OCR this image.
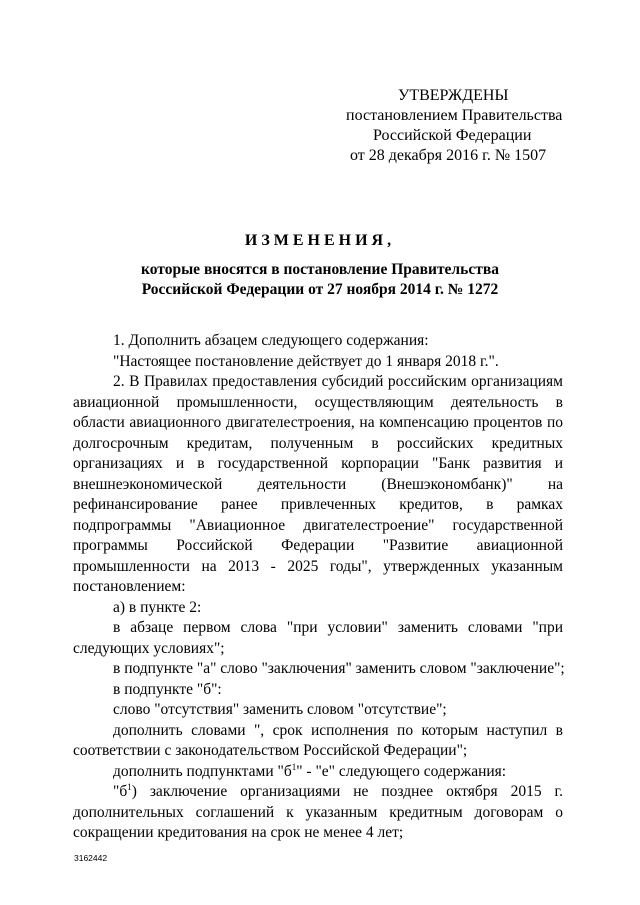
УТВЕРЖДЕНЫ
постановлением Правительства
Российской Федерации
от 28 декабря 2016 г. № 1507
ИЗМЕНЕНИЯ,
которые вносятся в постановление Правительства
Российской Федерации от 27 ноября 2014 г. № 1272

1. Дополнить абзацем следующего содержания:

"Настоящее постановление действует до 1 января 2018 г.".

2. В Правилах предоставления субсидий российским организациям авиационной промышленности, осуществляющим деятельность в области авиационного двигателестроения, на компенсацию процентов по долгосрочным кредитам, полученным в российских кредитных организациях и в государственной корпорации "Банк развития и внешнеэкономической деятельности (Внешэкономбанк)" на рефинансирование ранее привлеченных кредитов, в рамках подпрограммы "Авиационное двигателестроение" государственной программы Российской Федерации "Развитие авиационной промышленности на 2013 - 2025 годы", утвержденных указанным постановлением:

а) в пункте 2:

в абзаце первом слова "при условии" заменить словами "при следующих условиях";

в подпункте "а" слово "заключения" заменить словом "заключение";

в подпункте "б":

слово "отсутствия" заменить словом "отсутствие";

дополнить словами ", срок исполнения по которым наступил в соответствии с законодательством Российской Федерации";

дополнить подпунктами "$б^1$" - "е" следующего содержания:

"$б^1$) заключение организациями не позднее октября 2015 г. дополнительных соглашений к указанным кредитным договорам о сокращении кредитования на срок не менее 4 лет;

3162442
